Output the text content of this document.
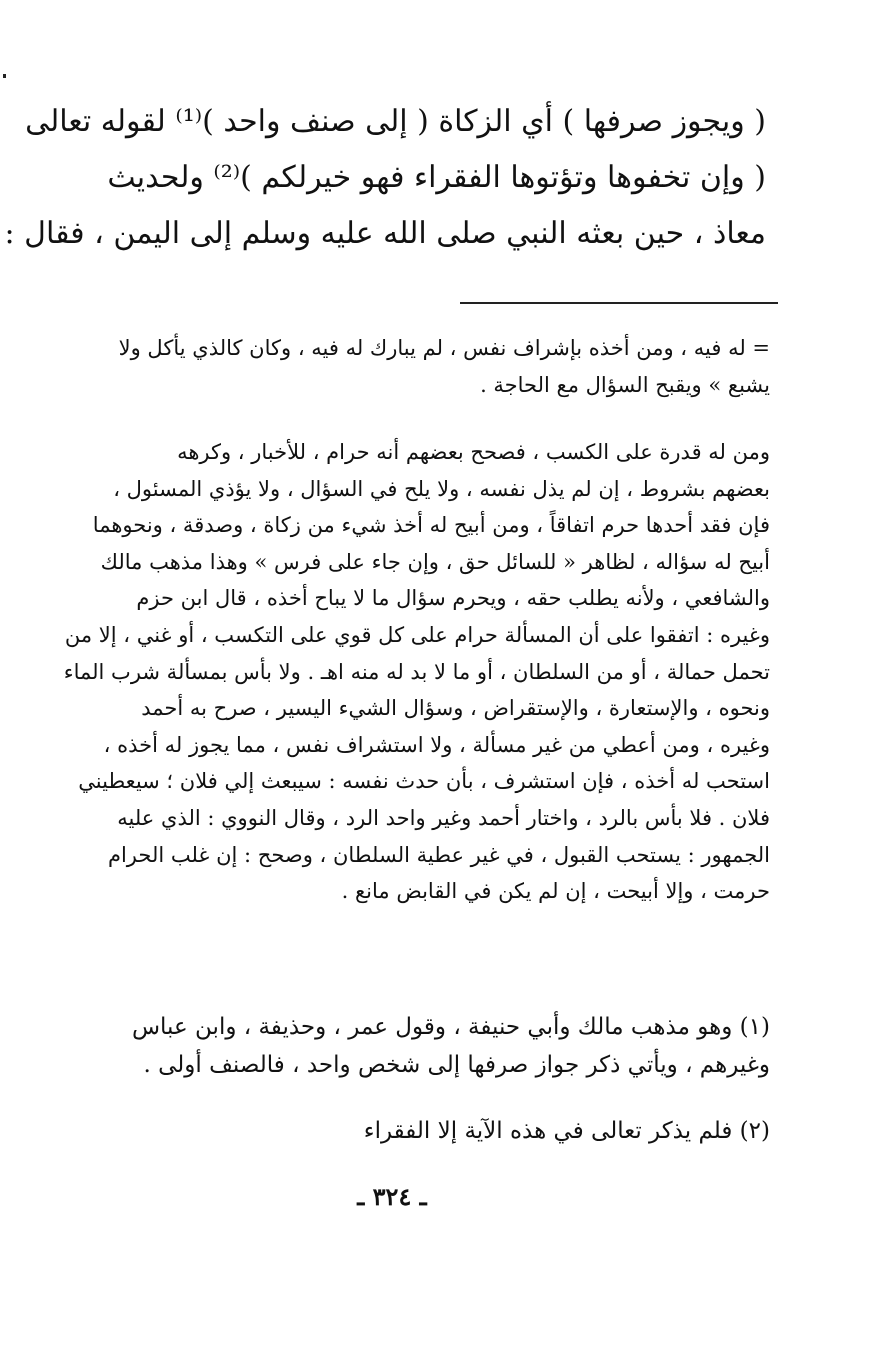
( ويجوز صرفها ) أي الزكاة ( إلى صنف واحد )⁽¹⁾ لقوله تعالى
( وإن تخفوها وتؤتوها الفقراء فهو خيرلكم )⁽²⁾ ولحديث
معاذ ، حين بعثه النبي صلى الله عليه وسلم إلى اليمن ، فقال :
= له فيه ، ومن أخذه بإشراف نفس ، لم يبارك له فيه ، وكان كالذي يأكل ولا
يشبع » ويقبح السؤال مع الحاجة .
ومن له قدرة على الكسب ، فصحح بعضهم أنه حرام ، للأخبار ، وكرهه
بعضهم بشروط ، إن لم يذل نفسه ، ولا يلح في السؤال ، ولا يؤذي المسئول ،
فإن فقد أحدها حرم اتفاقاً ، ومن أبيح له أخذ شيء من زكاة ، وصدقة ، ونحوهما
أبيح له سؤاله ، لظاهر « للسائل حق ، وإن جاء على فرس » وهذا مذهب مالك
والشافعي ، ولأنه يطلب حقه ، ويحرم سؤال ما لا يباح أخذه ، قال ابن حزم
وغيره : اتفقوا على أن المسألة حرام على كل قوي على التكسب ، أو غني ، إلا من
تحمل حمالة ، أو من السلطان ، أو ما لا بد له منه اهـ . ولا بأس بمسألة شرب الماء
ونحوه ، والإستعارة ، والإستقراض ، وسؤال الشيء اليسير ، صرح به أحمد
وغيره ، ومن أعطي من غير مسألة ، ولا استشراف نفس ، مما يجوز له أخذه ،
استحب له أخذه ، فإن استشرف ، بأن حدث نفسه : سيبعث إلي فلان ؛ سيعطيني
فلان . فلا بأس بالرد ، واختار أحمد وغير واحد الرد ، وقال النووي : الذي عليه
الجمهور : يستحب القبول ، في غير عطية السلطان ، وصحح : إن غلب الحرام
حرمت ، وإلا أبيحت ، إن لم يكن في القابض مانع .
(١) وهو مذهب مالك وأبي حنيفة ، وقول عمر ، وحذيفة ، وابن عباس
وغيرهم ، ويأتي ذكر جواز صرفها إلى شخص واحد ، فالصنف أولى .
(٢) فلم يذكر تعالى في هذه الآية إلا الفقراء
ـ ٣٢٤ ـ
